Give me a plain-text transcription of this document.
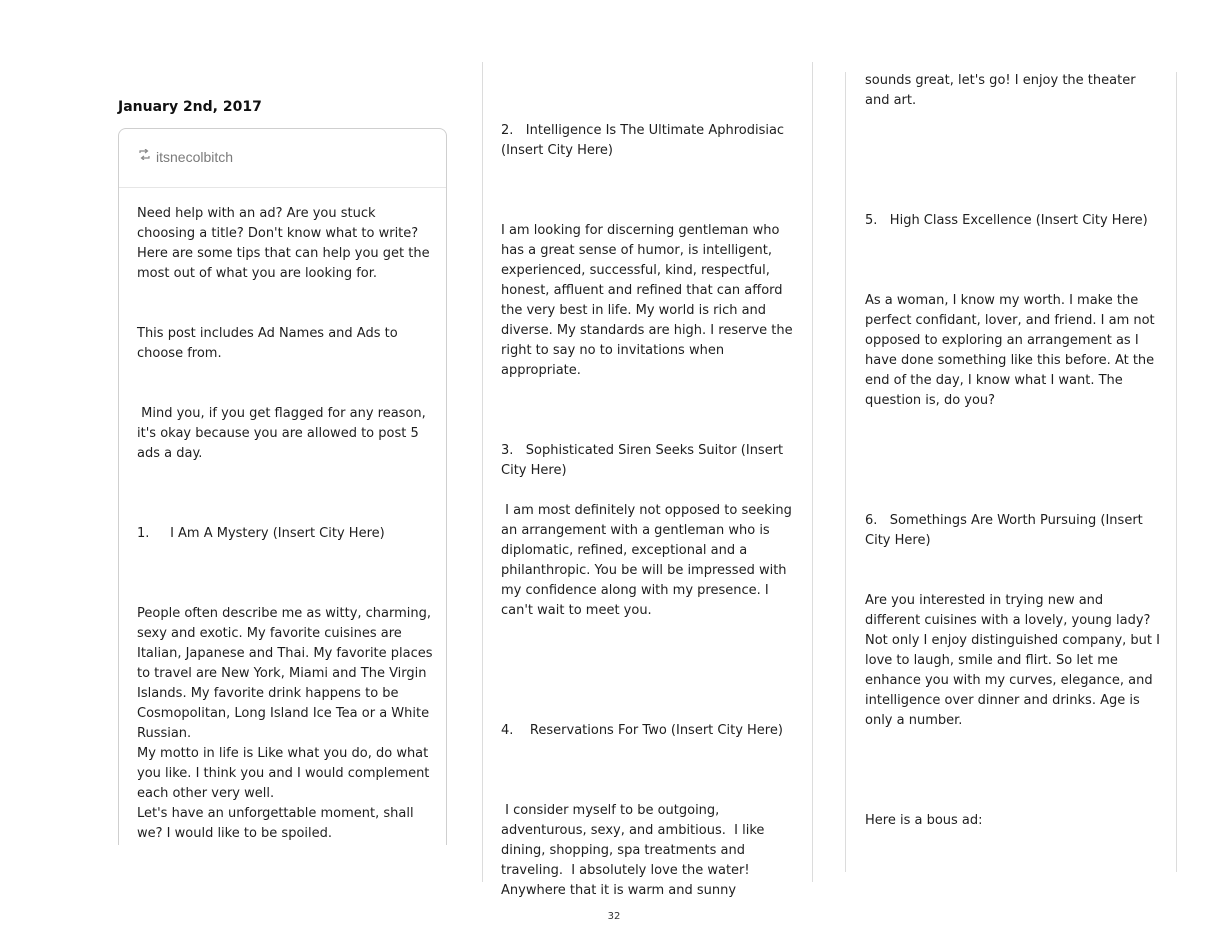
January 2nd, 2017
itsnecolbitch

Need help with an ad? Are you stuck choosing a title? Don't know what to write? Here are some tips that can help you get the most out of what you are looking for.

This post includes Ad Names and Ads to choose from.

Mind you, if you get flagged for any reason, it's okay because you are allowed to post 5 ads a day.

1.     I Am A Mystery (Insert City Here)

People often describe me as witty, charming, sexy and exotic. My favorite cuisines are Italian, Japanese and Thai. My favorite places to travel are New York, Miami and The Virgin Islands. My favorite drink happens to be Cosmopolitan, Long Island Ice Tea or a White Russian.
My motto in life is Like what you do, do what you like. I think you and I would complement each other very well.
Let's have an unforgettable moment, shall we? I would like to be spoiled.

2.   Intelligence Is The Ultimate Aphrodisiac (Insert City Here)

I am looking for discerning gentleman who has a great sense of humor, is intelligent, experienced, successful, kind, respectful, honest, affluent and refined that can afford the very best in life. My world is rich and diverse. My standards are high. I reserve the right to say no to invitations when appropriate.

3.   Sophisticated Siren Seeks Suitor (Insert City Here)

I am most definitely not opposed to seeking an arrangement with a gentleman who is diplomatic, refined, exceptional and a philanthropic. You be will be impressed with my confidence along with my presence. I can't wait to meet you.

4.    Reservations For Two (Insert City Here)

I consider myself to be outgoing, adventurous, sexy, and ambitious.  I like dining, shopping, spa treatments and traveling.  I absolutely love the water! Anywhere that it is warm and sunny

sounds great, let's go! I enjoy the theater and art.

5.   High Class Excellence (Insert City Here)

As a woman, I know my worth. I make the perfect confidant, lover, and friend. I am not opposed to exploring an arrangement as I have done something like this before. At the end of the day, I know what I want. The question is, do you?

6.   Somethings Are Worth Pursuing (Insert City Here)

Are you interested in trying new and different cuisines with a lovely, young lady? Not only I enjoy distinguished company, but I love to laugh, smile and flirt. So let me enhance you with my curves, elegance, and intelligence over dinner and drinks. Age is only a number.

Here is a bous ad:

32
